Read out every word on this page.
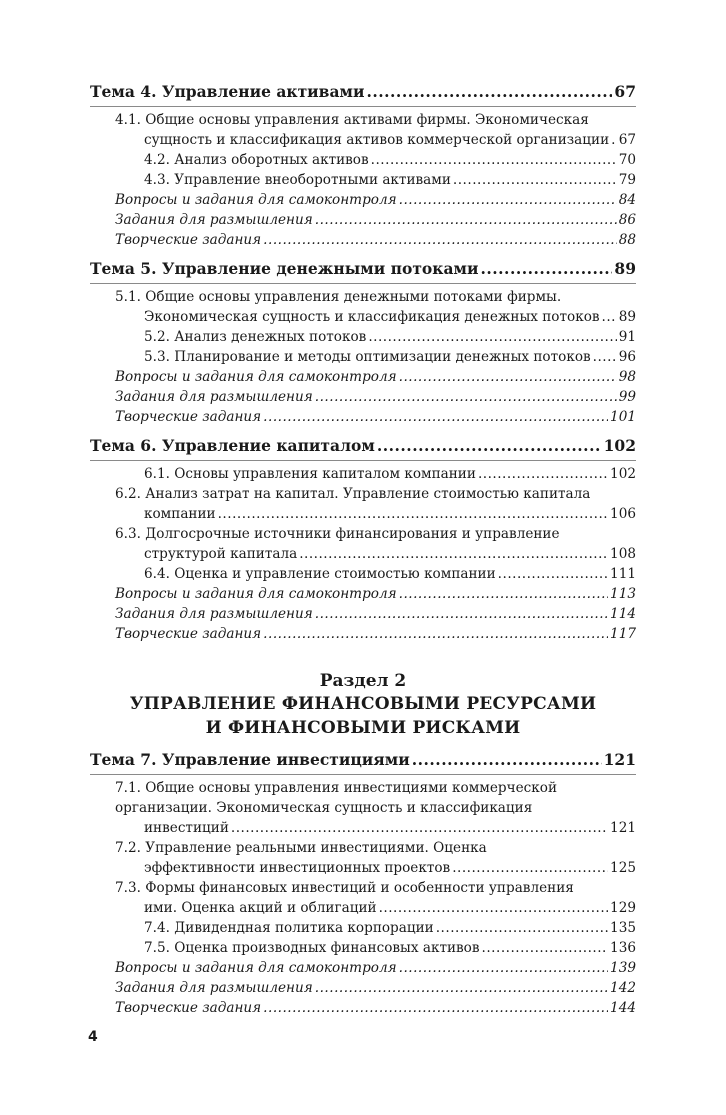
Тема 4. Управление активами .....	67
4.1. Общие основы управления активами фирмы. Экономическая
сущность и классификация активов коммерческой организации ..... 67
4.2. Анализ оборотных активов .....	70
4.3. Управление внеоборотными активами .....	79
Вопросы и задания для самоконтроля .....	84
Задания для размышления .....	86
Творческие задания .....	88
Тема 5. Управление денежными потоками .....	89
5.1. Общие основы управления денежными потоками фирмы.
Экономическая сущность и классификация денежных потоков ..... 89
5.2. Анализ денежных потоков .....	91
5.3. Планирование и методы оптимизации денежных потоков ..... 96
Вопросы и задания для самоконтроля .....	98
Задания для размышления .....	99
Творческие задания .....	101
Тема 6. Управление капиталом .....	102
6.1. Основы управления капиталом компании .....	102
6.2. Анализ затрат на капитал. Управление стоимостью капитала
компании .....	106
6.3. Долгосрочные источники финансирования и управление
структурой капитала .....	108
6.4. Оценка и управление стоимостью компании .....	111
Вопросы и задания для самоконтроля .....	113
Задания для размышления .....	114
Творческие задания .....	117
Раздел 2
УПРАВЛЕНИЕ ФИНАНСОВЫМИ РЕСУРСАМИ
И ФИНАНСОВЫМИ РИСКАМИ
Тема 7. Управление инвестициями .....	121
7.1. Общие основы управления инвестициями коммерческой
организации. Экономическая сущность и классификация
инвестиций .....	121
7.2. Управление реальными инвестициями. Оценка
эффективности инвестиционных проектов .....	125
7.3. Формы финансовых инвестиций и особенности управления
ими. Оценка акций и облигаций .....	129
7.4. Дивидендная политика корпорации .....	135
7.5. Оценка производных финансовых активов .....	136
Вопросы и задания для самоконтроля .....	139
Задания для размышления .....	142
Творческие задания .....	144
4
